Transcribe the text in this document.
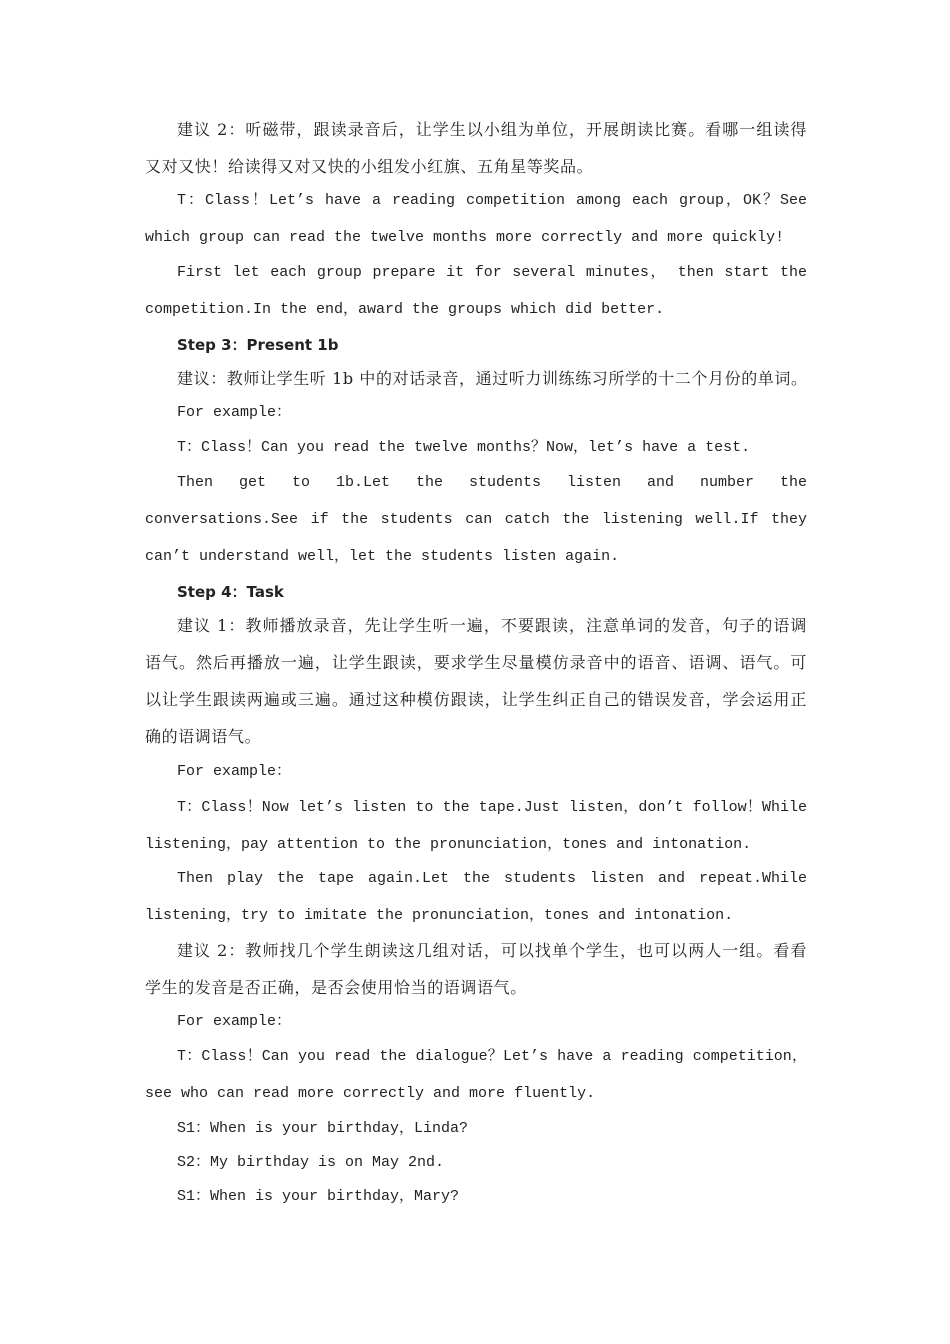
建议 2：听磁带，跟读录音后，让学生以小组为单位，开展朗读比赛。看哪一组读得又对又快！给读得又对又快的小组发小红旗、五角星等奖品。

T：Class！Let’s have a reading competition among each group，OK？See which group can read the twelve months more correctly and more quickly!

First let each group prepare it for several minutes， then start the competition.In the end，award the groups which did better.

Step 3：Present 1b

建议：教师让学生听 1b 中的对话录音，通过听力训练练习所学的十二个月份的单词。

For example：

T：Class！Can you read the twelve months？Now，let’s have a test.

Then get to 1b.Let the students listen and number the conversations.See if the students can catch the listening well.If they can’t understand well，let the students listen again.

Step 4：Task

建议 1：教师播放录音，先让学生听一遍，不要跟读，注意单词的发音，句子的语调语气。然后再播放一遍，让学生跟读，要求学生尽量模仿录音中的语音、语调、语气。可以让学生跟读两遍或三遍。通过这种模仿跟读，让学生纠正自己的错误发音，学会运用正确的语调语气。

For example：

T：Class！Now let’s listen to the tape.Just listen，don’t follow！While listening，pay attention to the pronunciation，tones and intonation.

Then play the tape again.Let the students listen and repeat.While listening，try to imitate the pronunciation，tones and intonation.

建议 2：教师找几个学生朗读这几组对话，可以找单个学生，也可以两人一组。看看学生的发音是否正确，是否会使用恰当的语调语气。

For example：

T：Class！Can you read the dialogue？Let’s have a reading competition，see who can read more correctly and more fluently.

S1：When is your birthday，Linda?

S2：My birthday is on May 2nd.

S1：When is your birthday，Mary?
